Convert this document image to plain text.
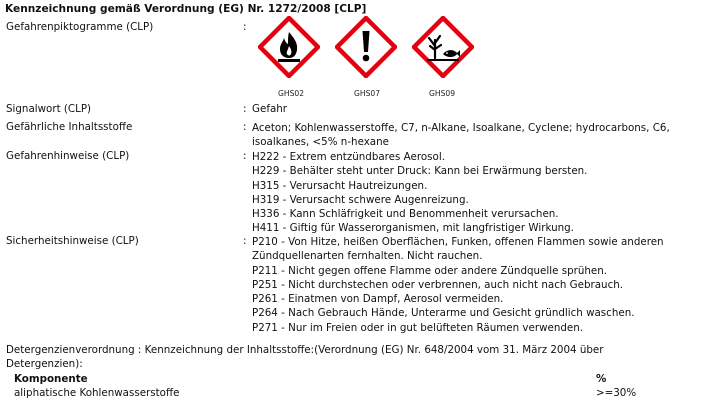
Kennzeichnung gemäß Verordnung (EG) Nr. 1272/2008 [CLP]
Gefahrenpiktogramme (CLP)	:
GHS02	GHS07	GHS09
Signalwort (CLP)	: Gefahr
Gefährliche Inhaltsstoffe	: Aceton; Kohlenwasserstoffe, C7, n-Alkane, Isoalkane, Cyclene; hydrocarbons, C6,
isoalkanes, <5% n-hexane
Gefahrenhinweise (CLP)	: H222 - Extrem entzündbares Aerosol.
H229 - Behälter steht unter Druck: Kann bei Erwärmung bersten.
H315 - Verursacht Hautreizungen.
H319 - Verursacht schwere Augenreizung.
H336 - Kann Schläfrigkeit und Benommenheit verursachen.
H411 - Giftig für Wasserorganismen, mit langfristiger Wirkung.
Sicherheitshinweise (CLP)	: P210 - Von Hitze, heißen Oberflächen, Funken, offenen Flammen sowie anderen
Zündquellenarten fernhalten. Nicht rauchen.
P211 - Nicht gegen offene Flamme oder andere Zündquelle sprühen.
P251 - Nicht durchstechen oder verbrennen, auch nicht nach Gebrauch.
P261 - Einatmen von Dampf, Aerosol vermeiden.
P264 - Nach Gebrauch Hände, Unterarme und Gesicht gründlich waschen.
P271 - Nur im Freien oder in gut belüfteten Räumen verwenden.
Detergenzienverordnung : Kennzeichnung der Inhaltsstoffe:(Verordnung (EG) Nr. 648/2004 vom 31. März 2004 über
Detergenzien):
Komponente	%
aliphatische Kohlenwasserstoffe	>=30%
